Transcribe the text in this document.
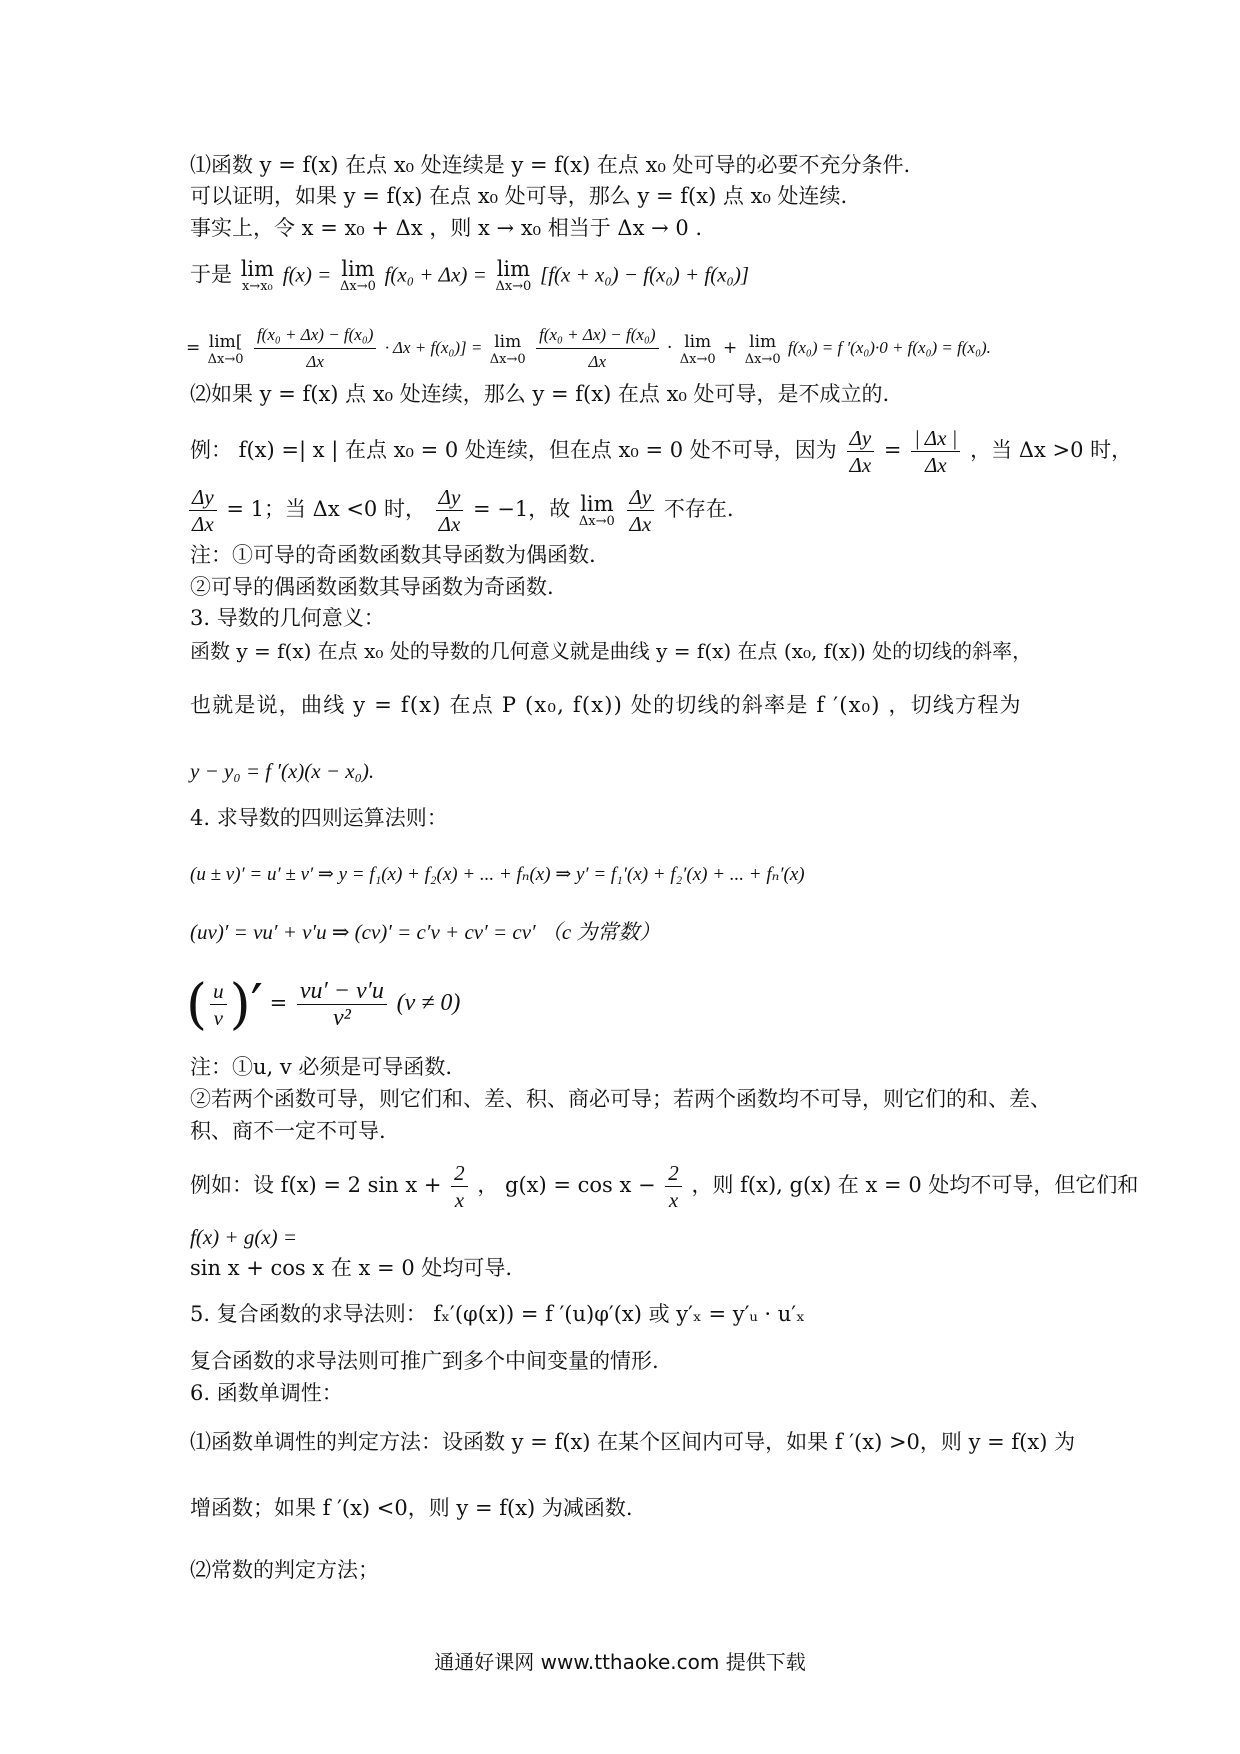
⑴函数 y = f(x) 在点 x₀ 处连续是 y = f(x) 在点 x₀ 处可导的必要不充分条件.
可以证明，如果 y = f(x) 在点 x₀ 处可导，那么 y = f(x) 点 x₀ 处连续.
事实上，令 x = x₀ + Δx ，则 x → x₀ 相当于 Δx → 0 .
于是 lim
x→x₀ f(x) = lim
Δx→0 f(x₀ + Δx) = lim
Δx→0 [f(x + x₀) − f(x₀) + f(x₀)]
= lim[
Δx→0
$\frac{\text{f(x₀ + Δx) − f(x₀)}}{\Delta x} \cdot \Delta x + f(x_0)] = \lim$
Δx→0
$\frac{\text{f(x₀ + Δx) − f(x₀)}}{\Delta x} \cdot \lim$
Δx→0
+ lim
Δx→0
f(x₀) = f ′(x₀)·0 + f(x₀) = f(x₀).
⑵如果 y = f(x) 点 x₀ 处连续，那么 y = f(x) 在点 x₀ 处可导，是不成立的.
例： f(x) =| x | 在点 x₀ = 0 处连续，但在点 x₀ = 0 处不可导，因为 $\frac{\Delta y}{\Delta x} = \frac{| \Delta x |}{\Delta x}$ ，当 Δx >0 时，
$\frac{\Delta y}{\Delta x} = 1$；当 Δx <0 时， $\frac{\Delta y}{\Delta x} = -1$，故 lim
Δx→0
$\frac{\Delta y}{\Delta x}$ 不存在.
注：①可导的奇函数函数其导函数为偶函数.
②可导的偶函数函数其导函数为奇函数.
3. 导数的几何意义：
函数 y = f(x) 在点 x₀ 处的导数的几何意义就是曲线 y = f(x) 在点 (x₀, f(x)) 处的切线的斜率，
也就是说，曲线 y = f(x) 在点 P (x₀, f(x)) 处的切线的斜率是 f ′(x₀) ，切线方程为
y − y₀ = f ′(x)(x − x₀).
4. 求导数的四则运算法则：
(u ± v)′ = u′ ± v′ ⇒ y = f₁(x) + f₂(x) + ... + fₙ(x) ⇒ y′ = f₁′(x) + f₂′(x) + ... + fₙ′(x)
(uv)′ = vu′ + v′u ⇒ (cv)′ = c′v + cv′ = cv′ （c 为常数）
( $\frac{u}{v}$ )′ = $\frac{vu' - v'u}{\text{v²}} (v \ne 0)$
注：①u, v 必须是可导函数.
②若两个函数可导，则它们和、差、积、商必可导；若两个函数均不可导，则它们的和、差、
积、商不一定不可导.
例如：设 f(x) = 2 $\sin x + \frac{2}{x}$ ， $g(x) = \cos x - \frac{2}{x}$ ，则 f(x), g(x) 在 x = 0 处均不可导，但它们和
f(x) + g(x) =
sin x + cos x 在 x = 0 处均可导.
5. 复合函数的求导法则： fₓ′(φ(x)) = f ′(u)φ′(x) 或 y′ₓ = y′ᵤ · u′ₓ
复合函数的求导法则可推广到多个中间变量的情形.
6. 函数单调性：
⑴函数单调性的判定方法：设函数 y = f(x) 在某个区间内可导，如果 f ′(x) >0，则 y = f(x) 为
增函数；如果 f ′(x) <0，则 y = f(x) 为减函数.
⑵常数的判定方法；
通通好课网 www.tthaoke.com 提供下载
